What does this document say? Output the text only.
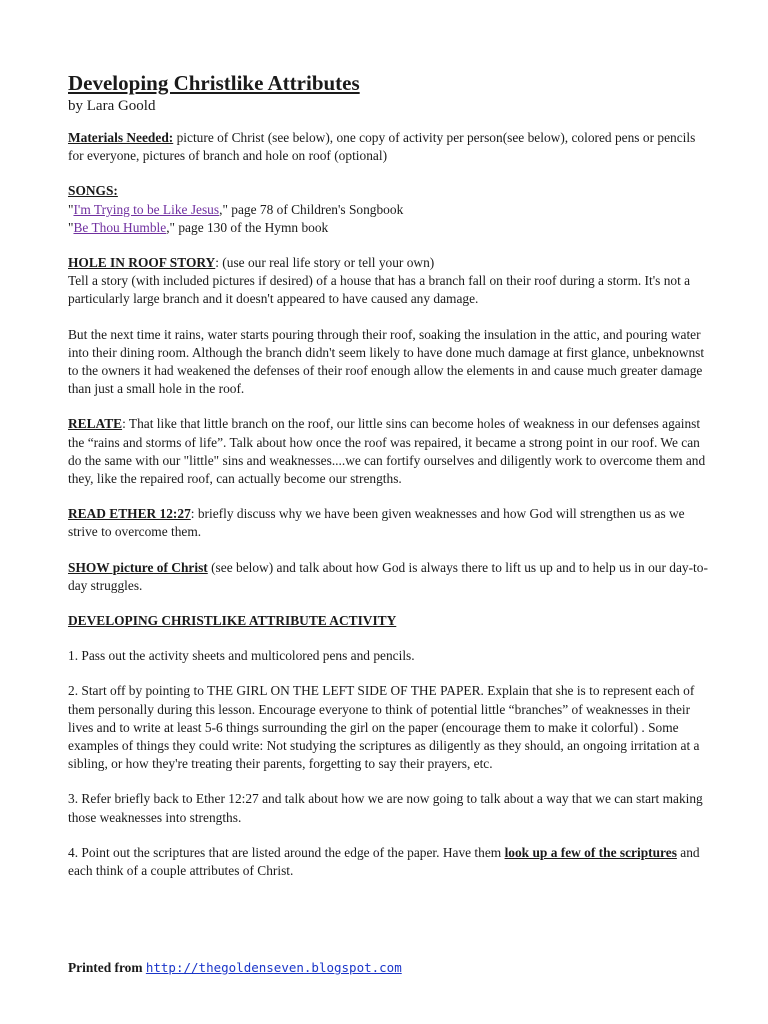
Developing Christlike Attributes
by Lara Goold

Materials Needed: picture of Christ (see below), one copy of activity per person(see below), colored pens or pencils for everyone, pictures of branch and hole on roof (optional)

SONGS:

"I'm Trying to be Like Jesus," page 78 of Children's Songbook

"Be Thou Humble," page 130 of the Hymn book

HOLE IN ROOF STORY: (use our real life story or tell your own)
Tell a story (with included pictures if desired) of a house that has a branch fall on their roof during a storm. It's not a particularly large branch and it doesn't appeared to have caused any damage.

But the next time it rains, water starts pouring through their roof, soaking the insulation in the attic, and pouring water into their dining room. Although the branch didn't seem likely to have done much damage at first glance, unbeknownst to the owners it had weakened the defenses of their roof enough allow the elements in and cause much greater damage than just a small hole in the roof.

RELATE: That like that little branch on the roof, our little sins can become holes of weakness in our defenses against the “rains and storms of life”. Talk about how once the roof was repaired, it became a strong point in our roof. We can do the same with our "little" sins and weaknesses....we can fortify ourselves and diligently work to overcome them and they, like the repaired roof, can actually become our strengths.

READ ETHER 12:27: briefly discuss why we have been given weaknesses and how God will strengthen us as we strive to overcome them.

SHOW picture of Christ (see below) and talk about how God is always there to lift us up and to help us in our day-to-day struggles.

DEVELOPING CHRISTLIKE ATTRIBUTE ACTIVITY

1. Pass out the activity sheets and multicolored pens and pencils.

2. Start off by pointing to THE GIRL ON THE LEFT SIDE OF THE PAPER. Explain that she is to represent each of them personally during this lesson. Encourage everyone to think of potential little “branches” of weaknesses in their lives and to write at least 5-6 things surrounding the girl on the paper (encourage them to make it colorful) . Some examples of things they could write: Not studying the scriptures as diligently as they should, an ongoing irritation at a sibling, or how they're treating their parents, forgetting to say their prayers, etc.

3. Refer briefly back to Ether 12:27 and talk about how we are now going to talk about a way that we can start making those weaknesses into strengths.

4. Point out the scriptures that are listed around the edge of the paper. Have them look up a few of the scriptures and each think of a couple attributes of Christ.

Printed from http://thegoldenseven.blogspot.com
